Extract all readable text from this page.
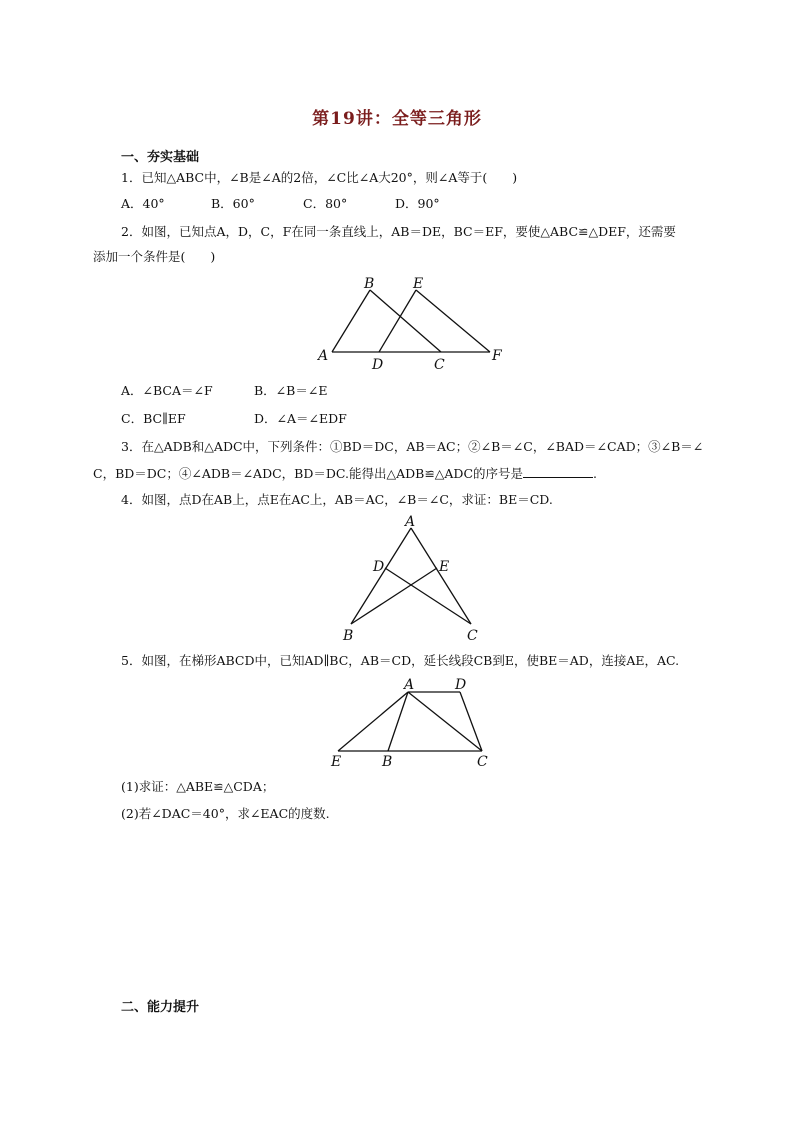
第19讲：全等三角形
一、夯实基础
1．已知△ABC中，∠B是∠A的2倍，∠C比∠A大20°，则∠A等于(　　)
A．40°	B．60°	C．80°	D．90°
2．如图，已知点A，D，C，F在同一条直线上，AB＝DE，BC＝EF，要使△ABC≌△DEF，还需要
添加一个条件是(　　)
B	E
A
D	C
F
A．∠BCA＝∠F	B．∠B＝∠E
C．BC∥EF	D．∠A＝∠EDF
3．在△ADB和△ADC中，下列条件：①BD＝DC，AB＝AC；②∠B＝∠C，∠BAD＝∠CAD；③∠B＝∠
C，BD＝DC；④∠ADB＝∠ADC，BD＝DC.能得出△ADB≌△ADC的序号是	.
4．如图，点D在AB上，点E在AC上，AB＝AC，∠B＝∠C，求证：BE＝CD.
A
D	E
B	C
5．如图，在梯形ABCD中，已知AD∥BC，AB＝CD，延长线段CB到E，使BE＝AD，连接AE，AC.
A	D
E	B	C
(1)求证：△ABE≌△CDA；
(2)若∠DAC＝40°，求∠EAC的度数.
二、能力提升
